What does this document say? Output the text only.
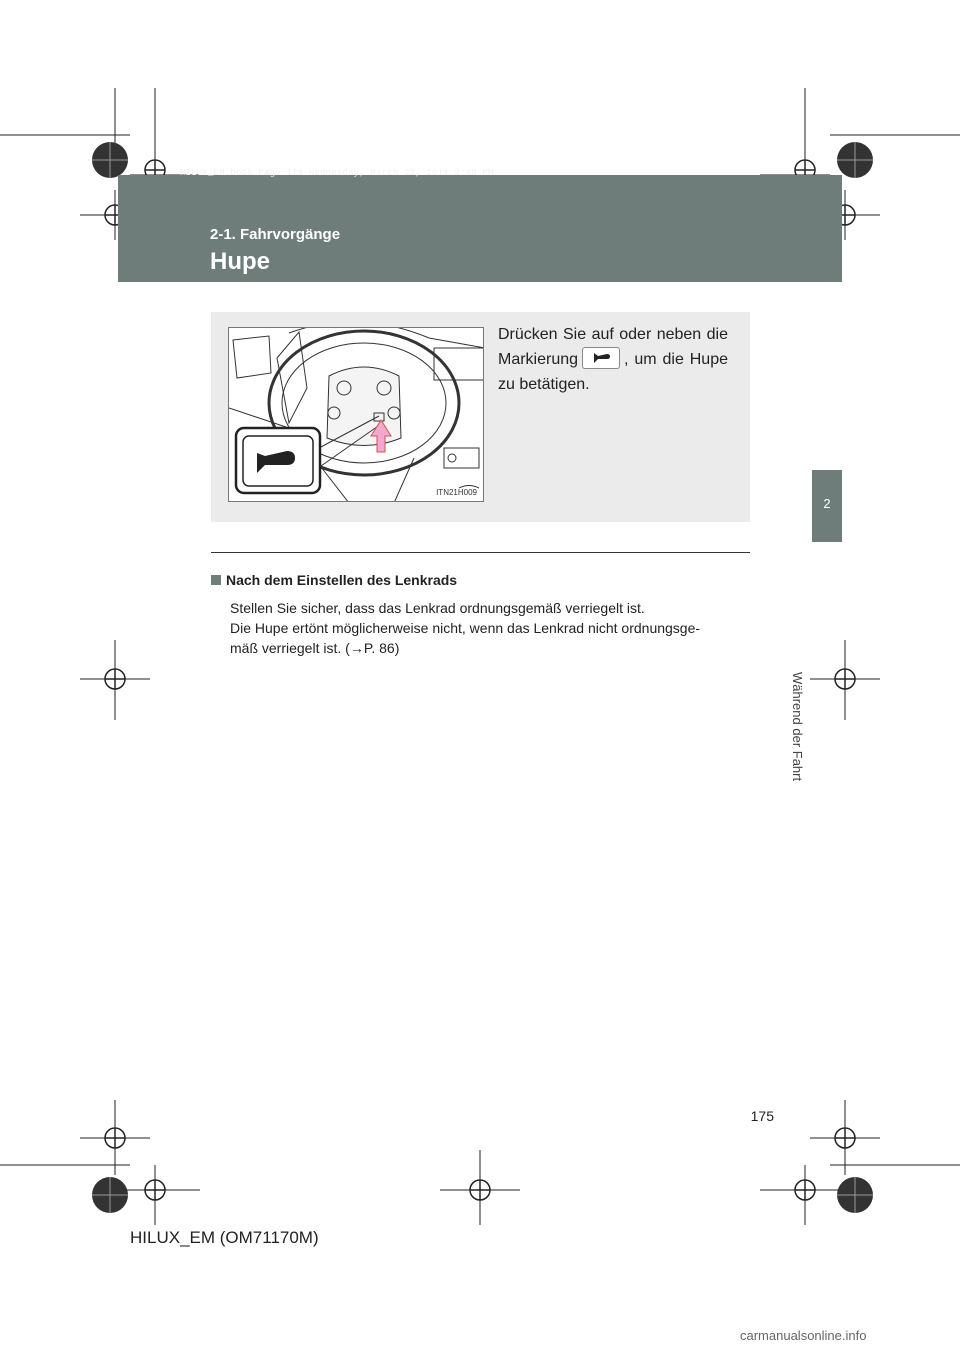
HILUX_EM.book Page 175 Wednesday, March 23, 2011 2:48 PM
2-1. Fahrvorgänge
Hupe
2
Während der Fahrt
ITN21H009
Drücken Sie auf oder neben die Markierung	, um die Hupe zu betätigen.
Nach dem Einstellen des Lenkrads
Stellen Sie sicher, dass das Lenkrad ordnungsgemäß verriegelt ist.
Die Hupe ertönt möglicherweise nicht, wenn das Lenkrad nicht ordnungsge-
mäß verriegelt ist. (→P. 86)
175
HILUX_EM (OM71170M)
carmanualsonline.info
